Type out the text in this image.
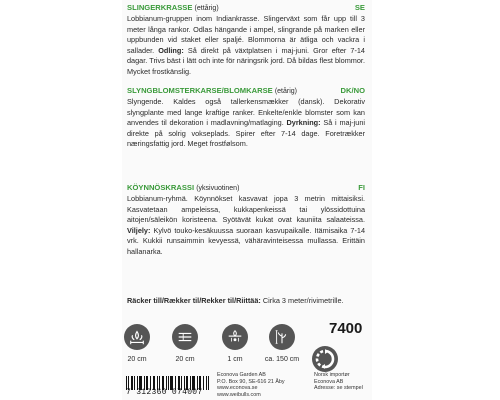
SLINGERKRASSE (ettårig)	SE
Lobbianum-gruppen inom Indiankrasse. Slingerväxt som får upp till 3 meter långa rankor. Odlas hängande i ampel, slingrande på marken eller uppbunden vid staket eller spaljé. Blommorna är ätliga och vackra i sallader. Odling: Så direkt på växtplatsen i maj-juni. Gror efter 7-14 dagar. Trivs bäst i lätt och inte för näringsrik jord. Då bildas flest blommor. Mycket frostkänslig.
SLYNGBLOMSTERKARSE/BLOMKARSE (etårig)	DK/NO
Slyngende. Kaldes også tallerkensmækker (dansk). Dekorativ slyngplante med lange kraftige ranker. Enkelte/enkle blomster som kan anvendes til dekoration i madlavning/matlaging. Dyrkning: Så i maj-juni direkte på solrig vokseplads. Spirer efter 7-14 dage. Foretrækker næringsfattig jord. Meget frostfølsom.
KÖYNNÖSKRASSI (yksivuotinen)	FI
Lobbianum-ryhmä. Köynnökset kasvavat jopa 3 metrin mittaisiksi. Kasvatetaan ampeleissa, kukkapenkeissä tai ylössidottuina aitojen/säleikön koristeena. Syötävät kukat ovat kauniita salaateissa. Viljely: Kylvö touko-kesäkuussa suoraan kasvupaikalle. Itämisaika 7-14 vrk. Kukkii runsaimmin kevyessä, vähäravinteisessa mullassa. Erittäin hallanarka.
Räcker till/Rækker til/Rekker til/Riittää: Cirka 3 meter/rivimetrille.
7400
20 cm	20 cm	1 cm	ca. 150 cm
7 312360 074007
Econova Garden AB
P.O. Box 90, SE-616 21 Åby
www.econova.se
www.weibulls.com
Norsk importør
Econova AB
Adresse: se stempel
